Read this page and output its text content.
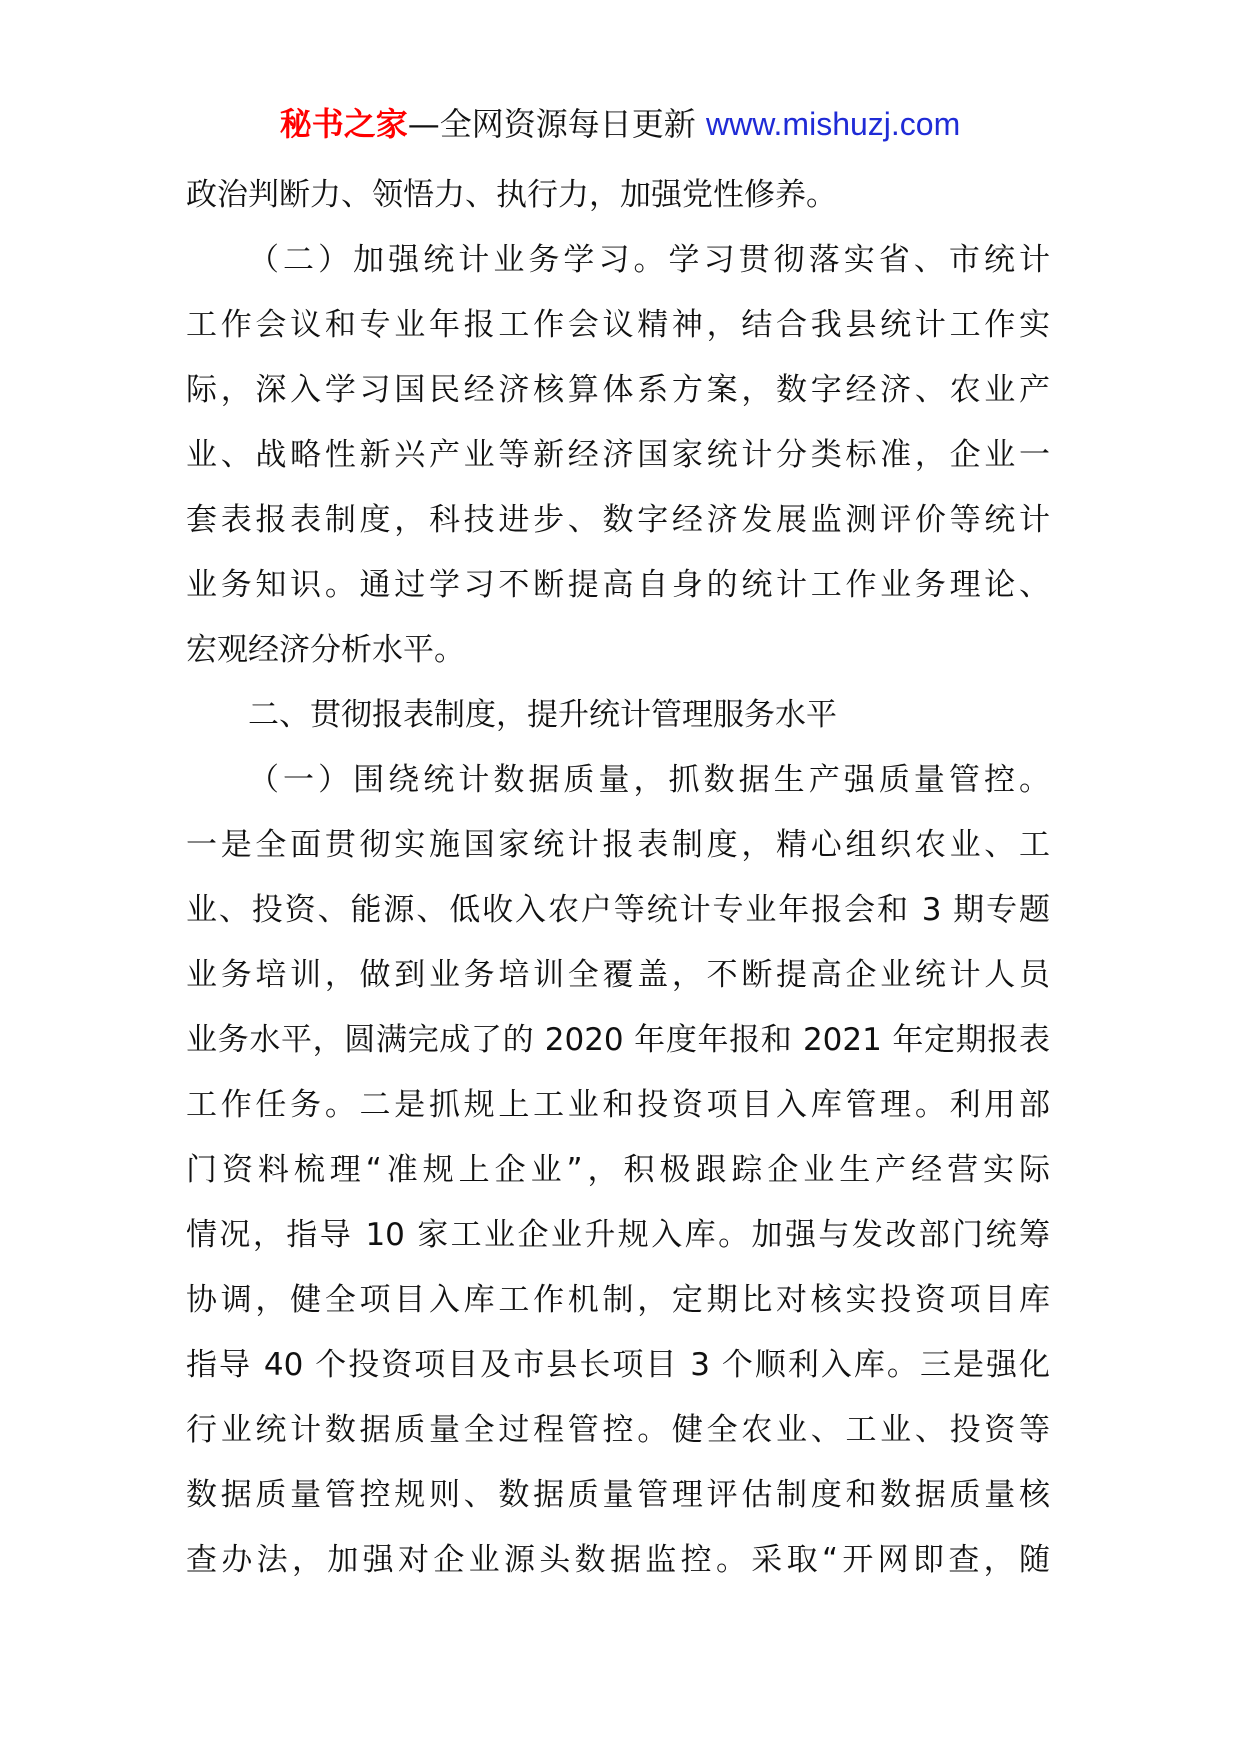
秘书之家—全网资源每日更新 www.mishuzj.com
政治判断力、领悟力、执行力，加强党性修养。
（二）加强统计业务学习。学习贯彻落实省、市统计
工作会议和专业年报工作会议精神，结合我县统计工作实
际，深入学习国民经济核算体系方案，数字经济、农业产
业、战略性新兴产业等新经济国家统计分类标准，企业一
套表报表制度，科技进步、数字经济发展监测评价等统计
业务知识。通过学习不断提高自身的统计工作业务理论、
宏观经济分析水平。
二、贯彻报表制度，提升统计管理服务水平
（一）围绕统计数据质量，抓数据生产强质量管控。
一是全面贯彻实施国家统计报表制度，精心组织农业、工
业、投资、能源、低收入农户等统计专业年报会和 3 期专题
业务培训，做到业务培训全覆盖，不断提高企业统计人员
业务水平，圆满完成了的 2020 年度年报和 2021 年定期报表
工作任务。二是抓规上工业和投资项目入库管理。利用部
门资料梳理“准规上企业”，积极跟踪企业生产经营实际
情况，指导 10 家工业企业升规入库。加强与发改部门统筹
协调，健全项目入库工作机制，定期比对核实投资项目库
指导 40 个投资项目及市县长项目 3 个顺利入库。三是强化
行业统计数据质量全过程管控。健全农业、工业、投资等
数据质量管控规则、数据质量管理评估制度和数据质量核
查办法，加强对企业源头数据监控。采取“开网即查，随
